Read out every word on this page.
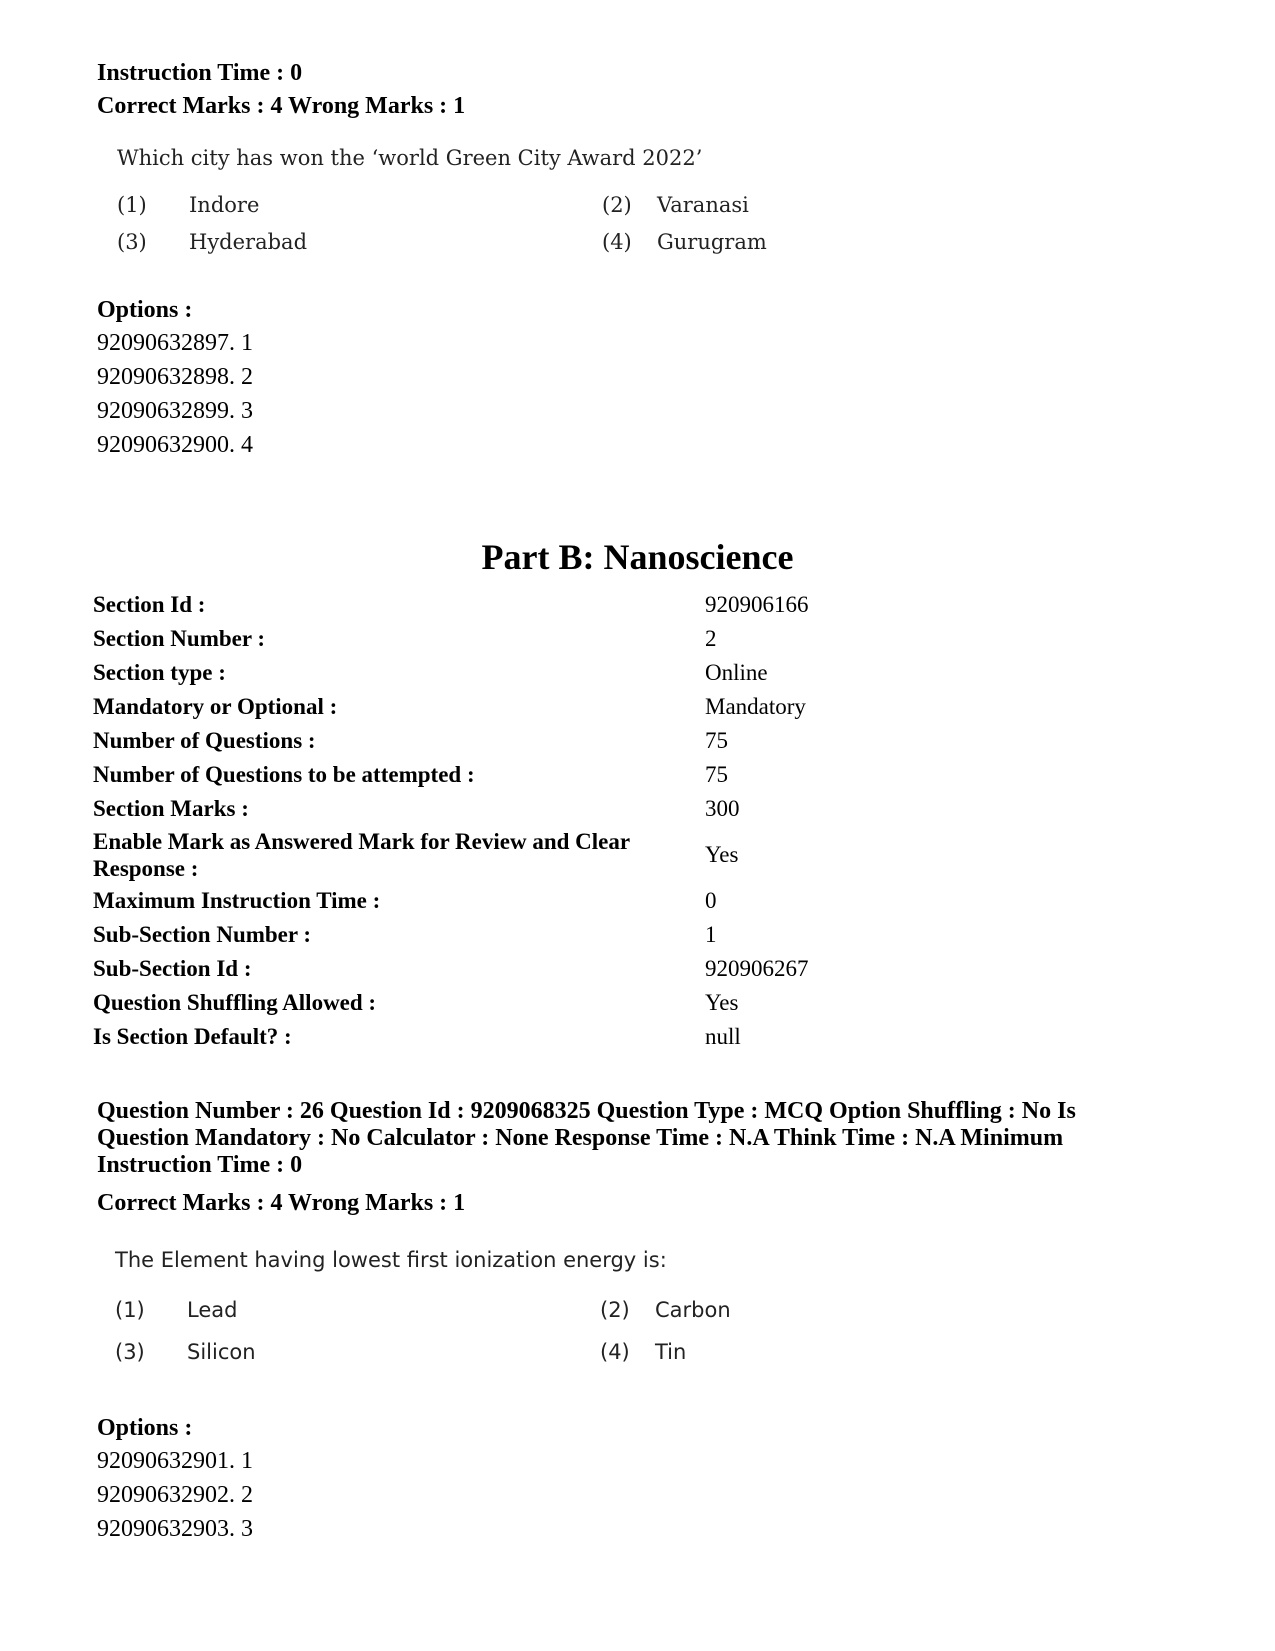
Instruction Time : 0
Correct Marks : 4 Wrong Marks : 1
Which city has won the ‘world Green City Award 2022’
(1)	Indore	(2)	Varanasi
(3)	Hyderabad	(4)	Gurugram
Options :
92090632897. 1
92090632898. 2
92090632899. 3
92090632900. 4
Part B: Nanoscience
Section Id :	920906166
Section Number :	2
Section type :	Online
Mandatory or Optional :	Mandatory
Number of Questions :	75
Number of Questions to be attempted :	75
Section Marks :	300
Enable Mark as Answered Mark for Review and Clear Response :	Yes
Maximum Instruction Time :	0
Sub-Section Number :	1
Sub-Section Id :	920906267
Question Shuffling Allowed :	Yes
Is Section Default? :	null
Question Number : 26 Question Id : 9209068325 Question Type : MCQ Option Shuffling : No Is
Question Mandatory : No Calculator : None Response Time : N.A Think Time : N.A Minimum
Instruction Time : 0
Correct Marks : 4 Wrong Marks : 1
The Element having lowest first ionization energy is:
(1)	Lead	(2)	Carbon
(3)	Silicon	(4)	Tin
Options :
92090632901. 1
92090632902. 2
92090632903. 3
